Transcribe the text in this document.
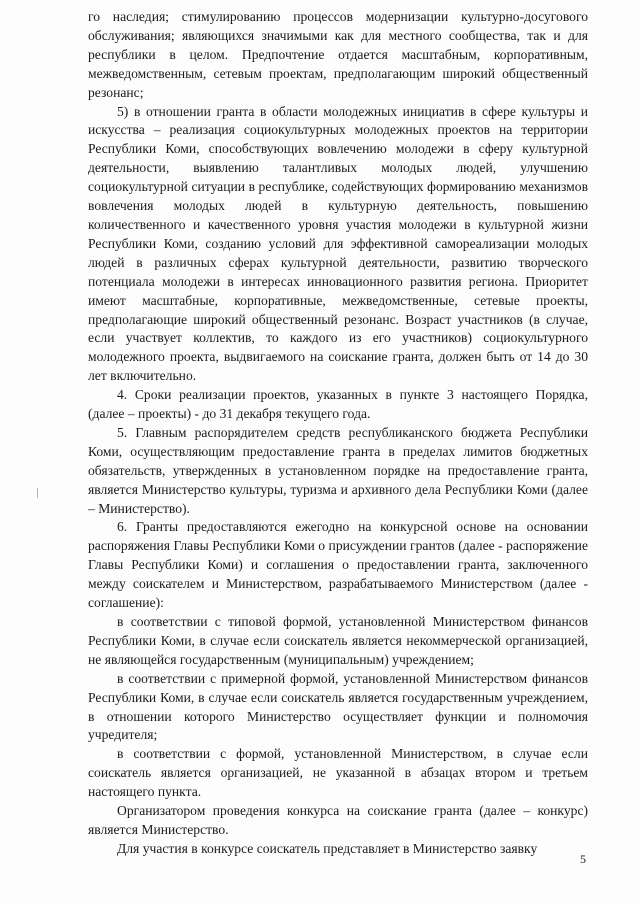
го наследия; стимулированию процессов модернизации культурно-досугового обслуживания; являющихся значимыми как для местного сообщества, так и для республики в целом. Предпочтение отдается масштабным, корпоративным, межведомственным, сетевым проектам, предполагающим широкий общественный резонанс;

5) в отношении гранта в области молодежных инициатив в сфере культуры и искусства – реализация социокультурных молодежных проектов на территории Республики Коми, способствующих вовлечению молодежи в сферу культурной деятельности, выявлению талантливых молодых людей, улучшению социокультурной ситуации в республике, содействующих формированию механизмов вовлечения молодых людей в культурную деятельность, повышению количественного и качественного уровня участия молодежи в культурной жизни Республики Коми, созданию условий для эффективной самореализации молодых людей в различных сферах культурной деятельности, развитию творческого потенциала молодежи в интересах инновационного развития региона. Приоритет имеют масштабные, корпоративные, межведомственные, сетевые проекты, предполагающие широкий общественный резонанс. Возраст участников (в случае, если участвует коллектив, то каждого из его участников) социокультурного молодежного проекта, выдвигаемого на соискание гранта, должен быть от 14 до 30 лет включительно.

4. Сроки реализации проектов, указанных в пункте 3 настоящего Порядка, (далее – проекты) - до 31 декабря текущего года.

5. Главным распорядителем средств республиканского бюджета Республики Коми, осуществляющим предоставление гранта в пределах лимитов бюджетных обязательств, утвержденных в установленном порядке на предоставление гранта, является Министерство культуры, туризма и архивного дела Республики Коми (далее – Министерство).

6. Гранты предоставляются ежегодно на конкурсной основе на основании распоряжения Главы Республики Коми о присуждении грантов (далее - распоряжение Главы Республики Коми) и соглашения о предоставлении гранта, заключенного между соискателем и Министерством, разрабатываемого Министерством (далее - соглашение):

в соответствии с типовой формой, установленной Министерством финансов Республики Коми, в случае если соискатель является некоммерческой организацией, не являющейся государственным (муниципальным) учреждением;

в соответствии с примерной формой, установленной Министерством финансов Республики Коми, в случае если соискатель является государственным учреждением, в отношении которого Министерство осуществляет функции и полномочия учредителя;

в соответствии с формой, установленной Министерством, в случае если соискатель является организацией, не указанной в абзацах втором и третьем настоящего пункта.

Организатором проведения конкурса на соискание гранта (далее – конкурс) является Министерство.

Для участия в конкурсе соискатель представляет в Министерство заявку

5
